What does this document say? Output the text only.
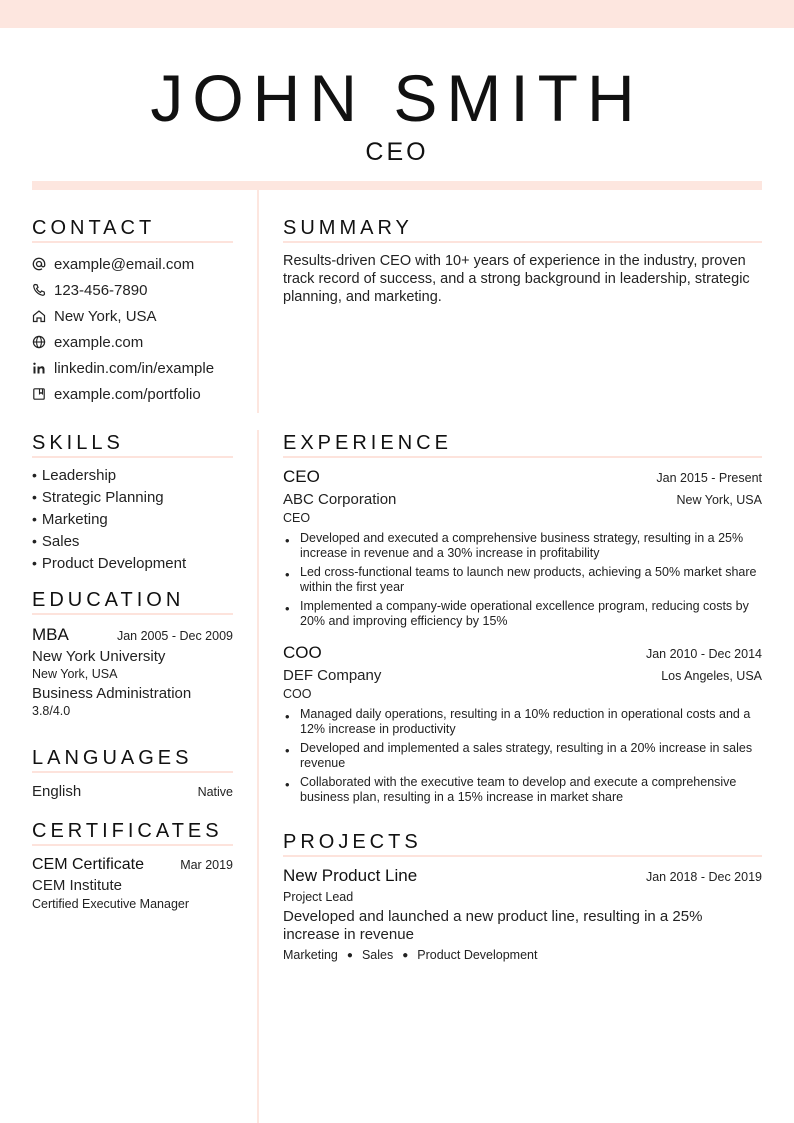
JOHN SMITH
CEO
CONTACT
example@email.com
123-456-7890
New York, USA
example.com
linkedin.com/in/example
example.com/portfolio
SKILLS
• Leadership
• Strategic Planning
• Marketing
• Sales
• Product Development
EDUCATION
MBA	Jan 2005 - Dec 2009
New York University
New York, USA
Business Administration
3.8/4.0
LANGUAGES
English	Native
CERTIFICATES
CEM Certificate	Mar 2019
CEM Institute
Certified Executive Manager
SUMMARY
Results-driven CEO with 10+ years of experience in the industry, proven track record of success, and a strong background in leadership, strategic planning, and marketing.
EXPERIENCE
CEO	Jan 2015 - Present
ABC Corporation	New York, USA
CEO
• Developed and executed a comprehensive business strategy, resulting in a 25% increase in revenue and a 30% increase in profitability
• Led cross-functional teams to launch new products, achieving a 50% market share within the first year
• Implemented a company-wide operational excellence program, reducing costs by 20% and improving efficiency by 15%
COO	Jan 2010 - Dec 2014
DEF Company	Los Angeles, USA
COO
• Managed daily operations, resulting in a 10% reduction in operational costs and a 12% increase in productivity
• Developed and implemented a sales strategy, resulting in a 20% increase in sales revenue
• Collaborated with the executive team to develop and execute a comprehensive business plan, resulting in a 15% increase in market share
PROJECTS
New Product Line	Jan 2018 - Dec 2019
Project Lead
Developed and launched a new product line, resulting in a 25% increase in revenue
Marketing ● Sales ● Product Development
